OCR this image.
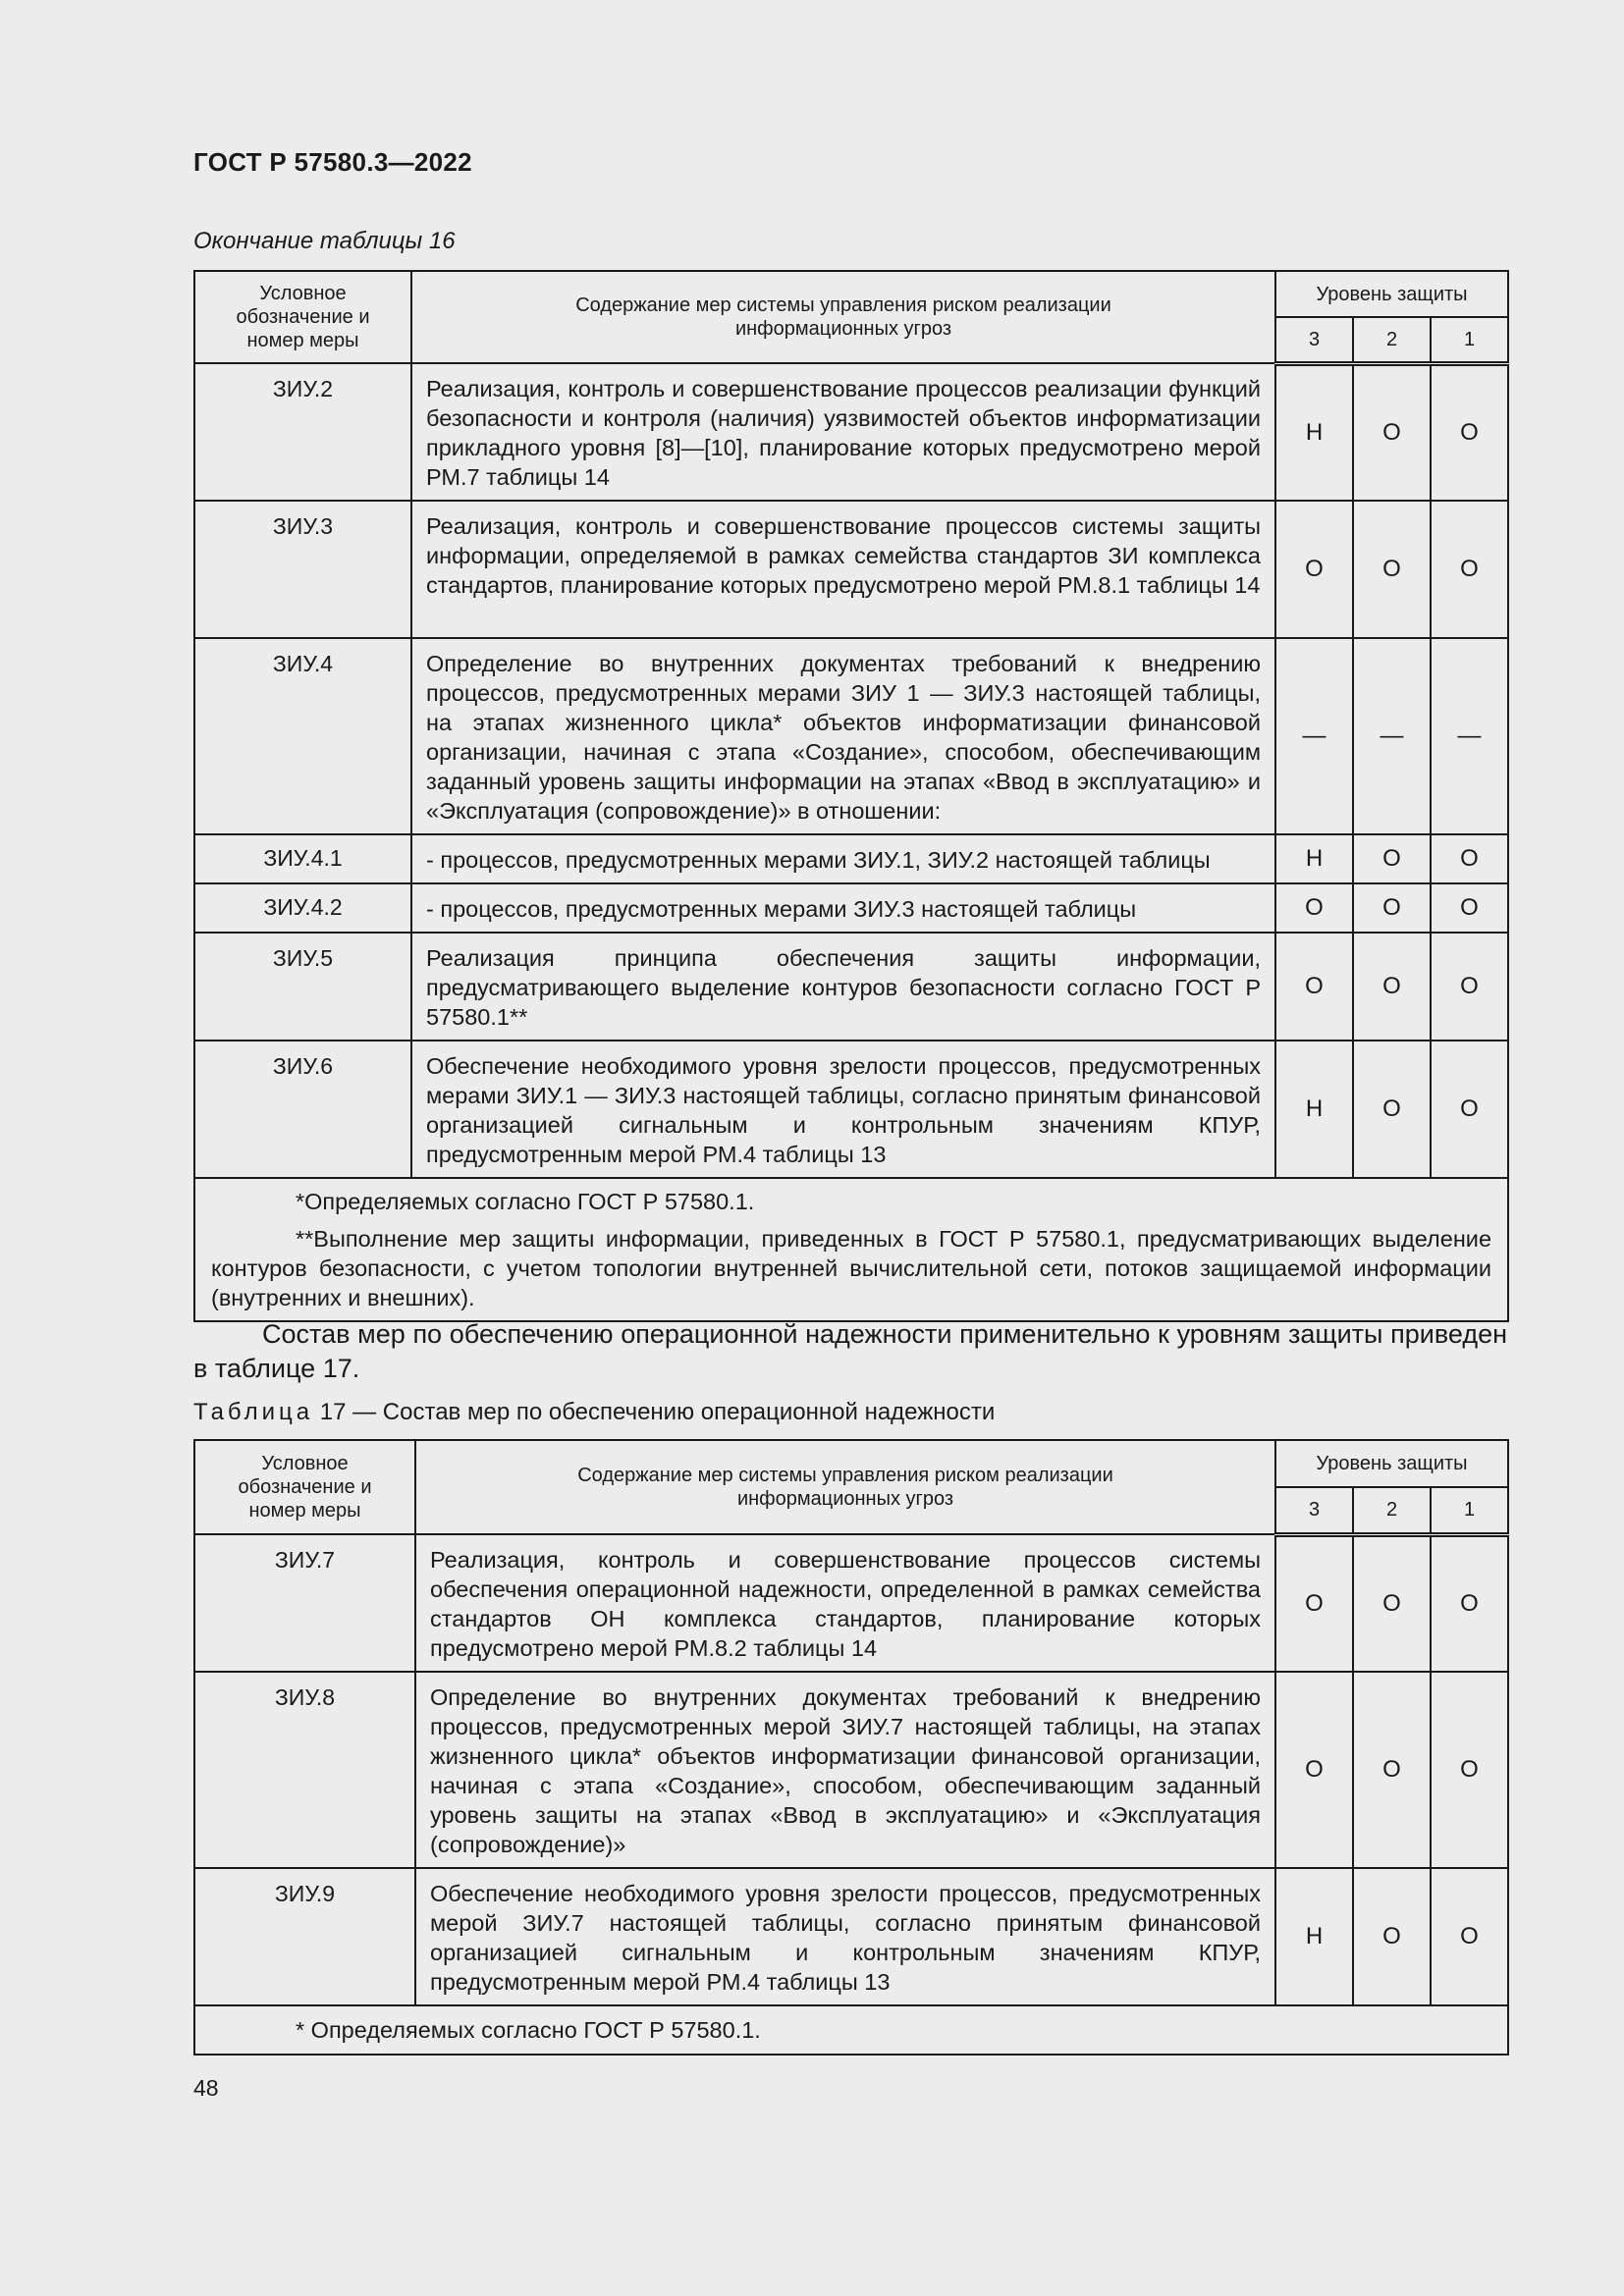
ГОСТ Р 57580.3—2022
Окончание таблицы 16
Условное обозначение и номер меры	Содержание мер системы управления риском реализации информационных угроз	Уровень защиты		
		3	2	1
ЗИУ.2	Реализация, контроль и совершенствование процессов реализации функций безопасности и контроля (наличия) уязвимостей объектов информатизации прикладного уровня [8]—[10], планирование которых предусмотрено мерой РМ.7 таблицы 14	Н	О	О
ЗИУ.3	Реализация, контроль и совершенствование процессов системы защиты информации, определяемой в рамках семейства стандартов ЗИ комплекса стандартов, планирование которых предусмотрено мерой РМ.8.1 таблицы 14	О	О	О
ЗИУ.4	Определение во внутренних документах требований к внедрению процессов, предусмотренных мерами ЗИУ 1 — ЗИУ.3 настоящей таблицы, на этапах жизненного цикла* объектов информатизации финансовой организации, начиная с этапа «Создание», способом, обеспечивающим заданный уровень защиты информации на этапах «Ввод в эксплуатацию» и «Эксплуатация (сопровождение)» в отношении:	—	—	—
ЗИУ.4.1	- процессов, предусмотренных мерами ЗИУ.1, ЗИУ.2 настоящей таблицы	Н	О	О
ЗИУ.4.2	- процессов, предусмотренных мерами ЗИУ.3 настоящей таблицы	О	О	О
ЗИУ.5	Реализация принципа обеспечения защиты информации, предусматривающего выделение контуров безопасности согласно ГОСТ Р 57580.1**	О	О	О
ЗИУ.6	Обеспечение необходимого уровня зрелости процессов, предусмотренных мерами ЗИУ.1 — ЗИУ.3 настоящей таблицы, согласно принятым финансовой организацией сигнальным и контрольным значениям КПУР, предусмотренным мерой РМ.4 таблицы 13	Н	О	О

*Определяемых согласно ГОСТ Р 57580.1.

**Выполнение мер защиты информации, приведенных в ГОСТ Р 57580.1, предусматривающих выделение контуров безопасности, с учетом топологии внутренней вычислительной сети, потоков защищаемой информации (внутренних и внешних).				

Состав мер по обеспечению операционной надежности применительно к уровням защиты приведен в таблице 17.
Таблица 17 — Состав мер по обеспечению операционной надежности
Условное обозначение и номер меры	Содержание мер системы управления риском реализации информационных угроз	Уровень защиты		
		3	2	1
ЗИУ.7	Реализация, контроль и совершенствование процессов системы обеспечения операционной надежности, определенной в рамках семейства стандартов ОН комплекса стандартов, планирование которых предусмотрено мерой РМ.8.2 таблицы 14	О	О	О
ЗИУ.8	Определение во внутренних документах требований к внедрению процессов, предусмотренных мерой ЗИУ.7 настоящей таблицы, на этапах жизненного цикла* объектов информатизации финансовой организации, начиная с этапа «Создание», способом, обеспечивающим заданный уровень защиты на этапах «Ввод в эксплуатацию» и «Эксплуатация (сопровождение)»	О	О	О
ЗИУ.9	Обеспечение необходимого уровня зрелости процессов, предусмотренных мерой ЗИУ.7 настоящей таблицы, согласно принятым финансовой организацией сигнальным и контрольным значениям КПУР, предусмотренным мерой РМ.4 таблицы 13	Н	О	О

* Определяемых согласно ГОСТ Р 57580.1.				

48
